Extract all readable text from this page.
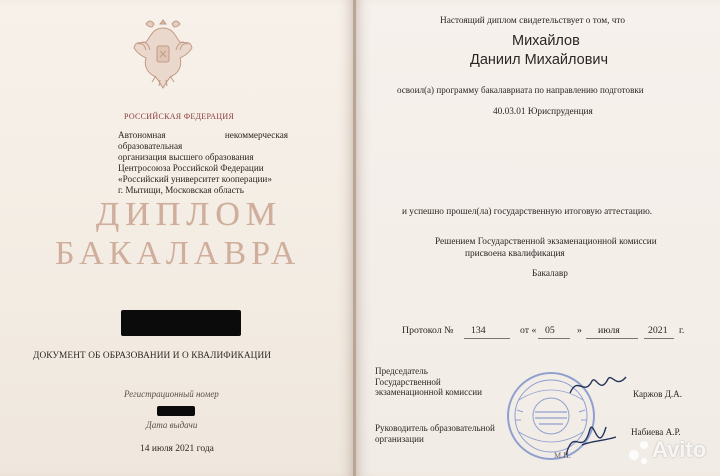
РОССИЙСКАЯ ФЕДЕРАЦИЯ
Автономная некоммерческая образовательная
организация высшего образования
Центросоюза Российской Федерации
«Российский университет кооперации»
г. Мытищи, Московская область
ДИПЛОМ
БАКАЛАВРА
ДОКУМЕНТ ОБ ОБРАЗОВАНИИ И О КВАЛИФИКАЦИИ
Регистрационный номер
Дата выдачи
14 июля 2021 года
Настоящий диплом свидетельствует о том, что
Михайлов
Даниил Михайлович
освоил(а) программу бакалавриата по направлению подготовки
40.03.01 Юриспруденция
и успешно прошел(ла) государственную итоговую аттестацию.
Решением Государственной экзаменационной комиссии
присвоена квалификация
Бакалавр
Протокол № 134	от « 05 » июля	2021 г.
Председатель
Государственной
экзаменационной комиссии	Каржов Д.А.
Руководитель образовательной
организации
Набиева А.Р.
М.П.	Avito
